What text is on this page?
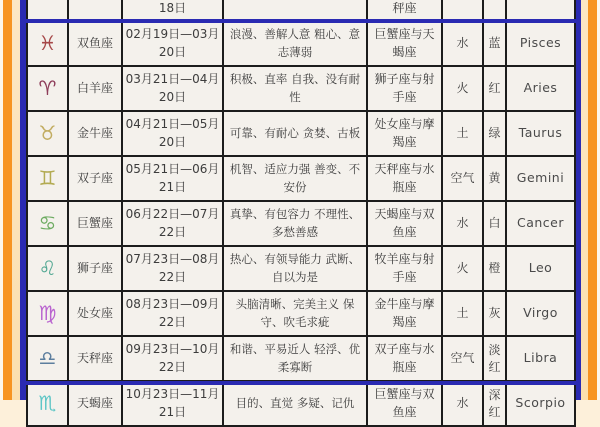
		18日		秤座			
♓	双鱼座	02月19日—03月20日	浪漫、善解人意 粗心、意志薄弱	巨蟹座与天蝎座	水	蓝	Pisces
♈	白羊座	03月21日—04月20日	积极、直率 自我、没有耐性	狮子座与射手座	火	红	Aries
♉	金牛座	04月21日—05月20日	可靠、有耐心 贪婪、古板	处女座与摩羯座	土	绿	Taurus
♊	双子座	05月21日—06月21日	机智、适应力强 善变、不安份	天秤座与水瓶座	空气	黄	Gemini
♋	巨蟹座	06月22日—07月22日	真挚、有包容力 不理性、多愁善感	天蝎座与双鱼座	水	白	Cancer
♌	狮子座	07月23日—08月22日	热心、有领导能力 武断、自以为是	牧羊座与射手座	火	橙	Leo
♍	处女座	08月23日—09月22日	头脑清晰、完美主义 保守、吹毛求疵	金牛座与摩羯座	土	灰	Virgo
♎	天秤座	09月23日—10月22日	和谐、平易近人 轻浮、优柔寡断	双子座与水瓶座	空气	淡红	Libra
♏	天蝎座	10月23日—11月21日	目的、直觉 多疑、记仇	巨蟹座与双鱼座	水	深红	Scorpio
